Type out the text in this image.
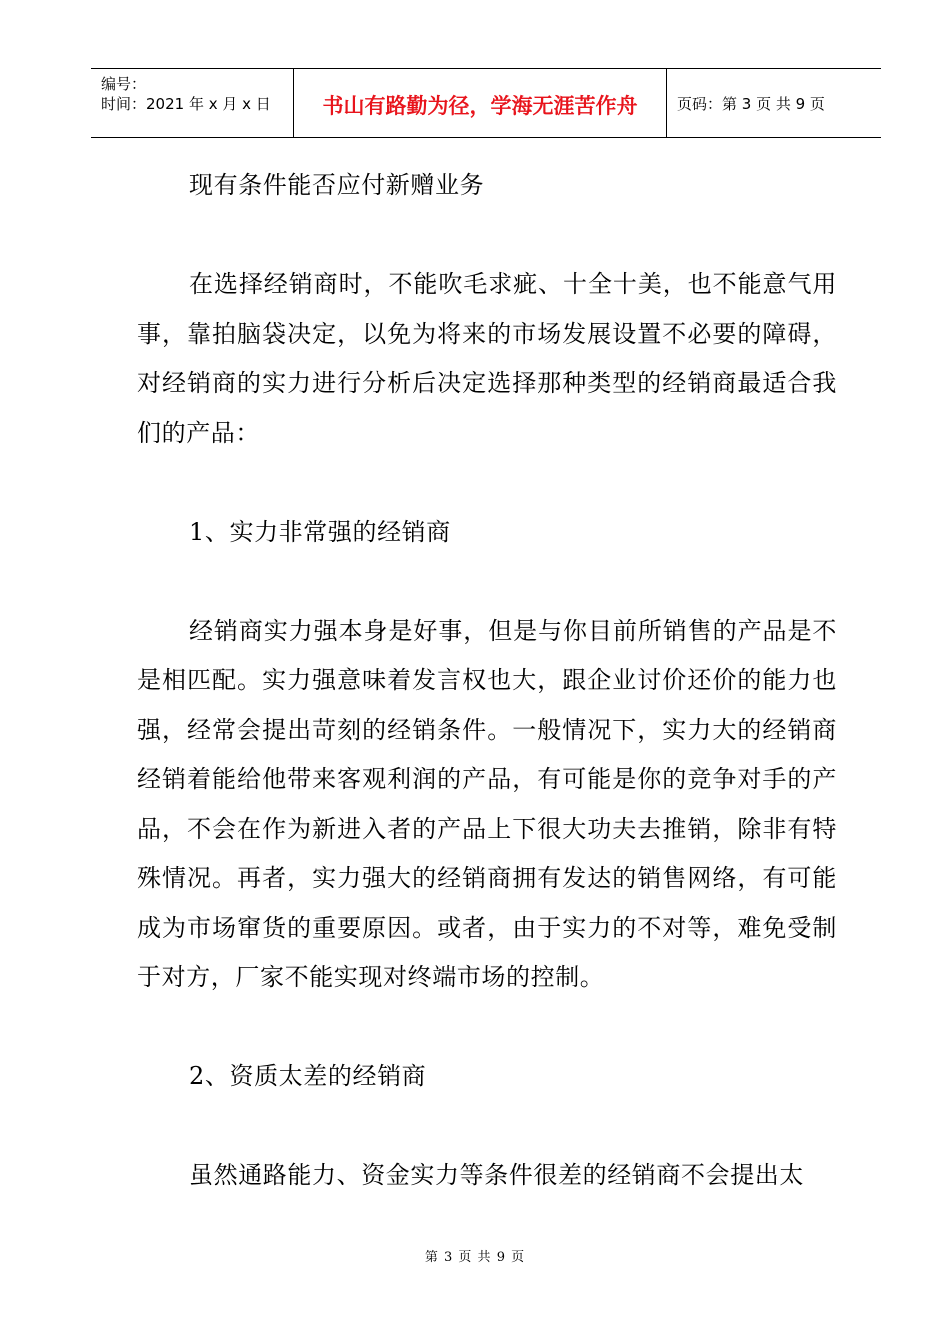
编号：
时间：2021 年 x 月 x 日 书山有路勤为径，学海无涯苦作舟	页码：第 3 页 共 9 页

现有条件能否应付新赠业务

在选择经销商时，不能吹毛求疵、十全十美，也不能意气用事，靠拍脑袋决定，以免为将来的市场发展设置不必要的障碍，对经销商的实力进行分析后决定选择那种类型的经销商最适合我们的产品：

1、实力非常强的经销商

经销商实力强本身是好事，但是与你目前所销售的产品是不是相匹配。实力强意味着发言权也大，跟企业讨价还价的能力也强，经常会提出苛刻的经销条件。一般情况下，实力大的经销商经销着能给他带来客观利润的产品，有可能是你的竞争对手的产品，不会在作为新进入者的产品上下很大功夫去推销，除非有特殊情况。再者，实力强大的经销商拥有发达的销售网络，有可能成为市场窜货的重要原因。或者，由于实力的不对等，难免受制于对方，厂家不能实现对终端市场的控制。

2、资质太差的经销商

虽然通路能力、资金实力等条件很差的经销商不会提出太

第 3 页 共 9 页
